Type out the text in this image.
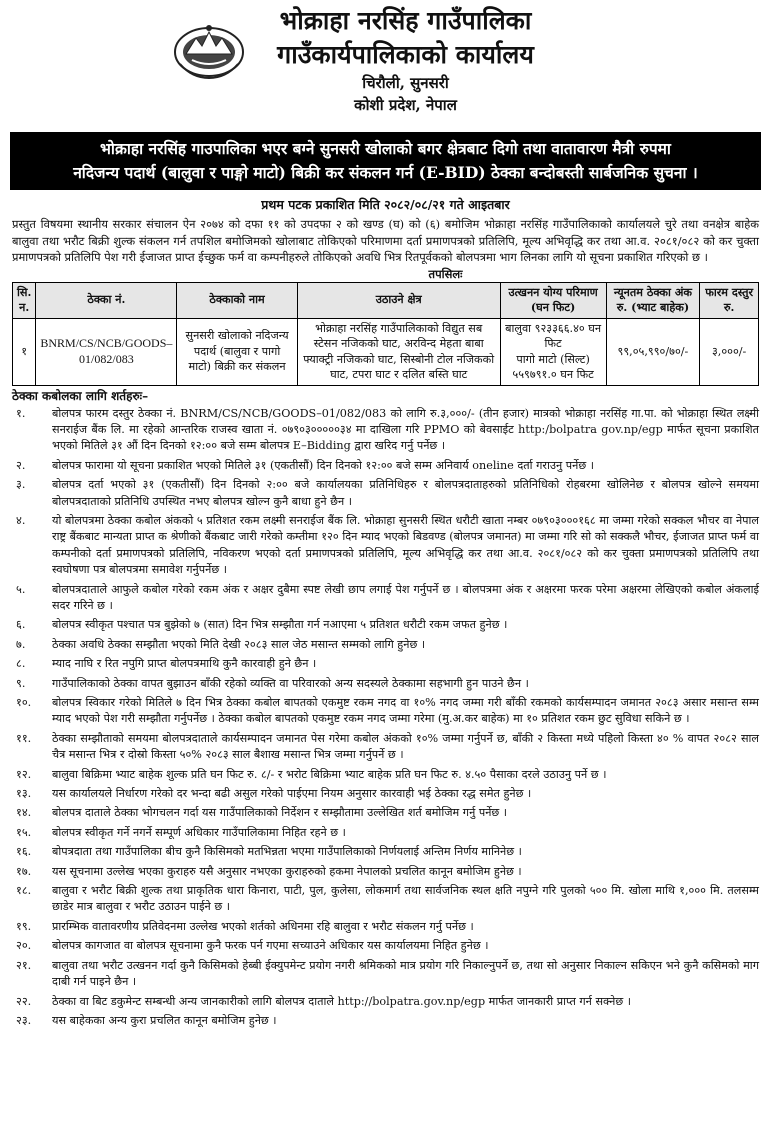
भोक्राहा नरसिंह गाउँपालिका
गाउँकार्यपालिकाको कार्यालय
चिरौली, सुनसरी
कोशी प्रदेश, नेपाल
भोक्राहा नरसिंह गाउपालिका भएर बग्ने सुनसरी खोलाको बगर क्षेत्रबाट दिगो तथा वातावारण मैत्री रुपमा
नदिजन्य पदार्थ (बालुवा र पाङ्गो माटो) बिक्री कर संकलन गर्न (E-BID) ठेक्का बन्दोबस्ती सार्बजनिक सुचना ।
प्रथम पटक प्रकाशित मिति २०८२/०८/२१ गते आइतबार
प्रस्तुत विषयमा स्थानीय सरकार संचालन ऐन २०७४ को दफा ११ को उपदफा २ को खण्ड (घ) को (६) बमोजिम भोक्राहा नरसिंह गाउँपालिकाको कार्यालयले चुरे तथा वनक्षेत्र बाहेक बालुवा तथा भरौट बिक्री शुल्क संकलन गर्न तपशिल बमोजिमको खोलाबाट तोकिएको परिमाणमा दर्ता प्रमाणपत्रको प्रतिलिपि, मूल्य अभिवृद्धि कर तथा आ.व. २०८१/०८२ को कर चुक्ता प्रमाणपत्रको प्रतिलिपि पेश गरी ईजाजत प्राप्त ईच्छुक फर्म वा कम्पनीहरुले तोकिएको अवधि भित्र रितपूर्वकको बोलपत्रमा भाग लिनका लागि यो सूचना प्रकाशित गरिएको छ ।
तपसिलः
सि. न.	ठेक्का नं.	ठेक्काको नाम	उठाउने क्षेत्र	उत्खनन योग्य परिमाण (घन फिट)	न्यूनतम ठेक्का अंक रु. (भ्याट बाहेक)	फारम दस्तुर रु.
१	BNRM/CS/NCB/GOODS–01/082/083	सुनसरी खोलाको नदिजन्य पदार्थ (बालुवा र पागो माटो) बिक्री कर संकलन	भोक्राहा नरसिंह गाउँपालिकाको विद्युत सब स्टेसन नजिकको घाट, अरविन्द मेहता बाबा फ्याक्ट्री नजिकको घाट, सिस्बोनी टोल नजिकको घाट, टपरा घाट र दलित बस्ति घाट	बालुवा ९२३३६६.४० घन फिट
पागो माटो (सिल्ट) ५५९७९१.० घन फिट	९९,०५,९९०/७०/-	३,०००/-
ठेक्का कबोलका लागि शर्तहरुः–
१.	बोलपत्र फारम दस्तुर ठेक्का नं. BNRM/CS/NCB/GOODS–01/082/083 को लागि रु.३,०००/- (तीन हजार) मात्रको भोक्राहा नरसिंह गा.पा. को भोक्राहा स्थित लक्ष्मी सनराईज बैंक लि. मा रहेको आन्तरिक राजस्व खाता नं. ०७९०३०००००३४ मा दाखिला गरि PPMO को बेवसाईट http:/bolpatra gov.np/egp मार्फत सूचना प्रकाशित भएको मितिले ३१ औं दिन दिनको १२:०० बजे सम्म बोलपत्र E–Bidding द्वारा खरिद गर्नु पर्नेछ ।
२.	बोलपत्र फारामा यो सूचना प्रकाशित भएको मितिले ३१ (एकतीसौं) दिन दिनको १२:०० बजे सम्म अनिवार्य oneline दर्ता गराउनु पर्नेछ ।
३.	बोलपत्र दर्ता भएको ३१ (एकतीसौं) दिन दिनको २:०० बजे कार्यालयका प्रतिनिधिहरु र बोलपत्रदाताहरुको प्रतिनिधिको रोहबरमा खोलिनेछ र बोलपत्र खोल्ने समयमा बोलपत्रदाताको प्रतिनिधि उपस्थित नभए बोलपत्र खोल्न कुनै बाधा हुने छैन ।
४.	यो बोलपत्रमा ठेक्का कबोल अंकको ५ प्रतिशत रकम लक्ष्मी सनराईज बैंक लि. भोक्राहा सुनसरी स्थित धरौटी खाता नम्बर ०७९०३०००१६८ मा जम्मा गरेको सक्कल भौचर वा नेपाल राष्ट्र बैंकबाट मान्यता प्राप्त क श्रेणीको बैंकबाट जारी गरेको कम्तीमा १२० दिन म्याद भएको बिडवण्ड (बोलपत्र जमानत) मा जम्मा गरि सो को सक्कलै भौचर, ईजाजत प्राप्त फर्म वा कम्पनीको दर्ता प्रमाणपत्रको प्रतिलिपि, नविकरण भएको दर्ता प्रमाणपत्रको प्रतिलिपि, मूल्य अभिवृद्धि कर तथा आ.व. २०८१/०८२ को कर चुक्ता प्रमाणपत्रको प्रतिलिपि तथा स्वघोषणा पत्र बोलपत्रमा समावेश गर्नुपर्नेछ ।
५.	बोलपत्रदाताले आफुले कबोल गरेको रकम अंक र अक्षर दुबैमा स्पष्ट लेखी छाप लगाई पेश गर्नुपर्ने छ । बोलपत्रमा अंक र अक्षरमा फरक परेमा अक्षरमा लेखिएको कबोल अंकलाई सदर गरिने छ ।
६.	बोलपत्र स्वीकृत पश्चात पत्र बुझेको ७ (सात) दिन भित्र सम्झौता गर्न नआएमा ५ प्रतिशत धरौटी रकम जफत हुनेछ ।
७.	ठेक्का अवधि ठेक्का सम्झौता भएको मिति देखी २०८३ साल जेठ मसान्त सम्मको लागि हुनेछ ।
८.	म्याद नाघि र रित नपुगि प्राप्त बोलपत्रमाथि कुनै कारवाही हुने छैन ।
९.	गाउँपालिकाको ठेक्का वापत बुझाउन बाँकी रहेको व्यक्ति वा परिवारको अन्य सदस्यले ठेक्कामा सहभागी हुन पाउने छैन ।
१०.	बोलपत्र स्विकार गरेको मितिले ७ दिन भित्र ठेक्का कबोल बापतको एकमुष्ट रकम नगद वा १०% नगद जम्मा गरी बाँकी रकमको कार्यसम्पादन जमानत २०८३ असार मसान्त सम्म म्याद भएको पेश गरी सम्झौता गर्नुपर्नेछ । ठेक्का कबोल बापतको एकमुष्ट रकम नगद जम्मा गरेमा (मु.अ.कर बाहेक) मा १० प्रतिशत रकम छुट सुविधा सकिने छ ।
११.	ठेक्का सम्झौताको समयमा बोलपत्रदाताले कार्यसम्पादन जमानत पेस गरेमा कबोल अंकको १०% जम्मा गर्नुपर्ने छ, बाँकी २ किस्ता मध्ये पहिलो किस्ता ४० % वापत २०८२ साल चैत्र मसान्त भित्र र दोस्रो किस्ता ५०% २०८३ साल बैशाख मसान्त भित्र जम्मा गर्नुपर्ने छ ।
१२.	बालुवा बिक्रिमा भ्याट बाहेक शुल्क प्रति घन फिट रु. ८/- र भरोट बिक्रिमा भ्याट बाहेक प्रति घन फिट रु. ४.५० पैसाका दरले उठाउनु पर्ने छ ।
१३.	यस कार्यालयले निर्धारण गरेको दर भन्दा बढी असुल गरेको पाईएमा नियम अनुसार कारवाही भई ठेक्का रद्ध समेत हुनेछ ।
१४.	बोलपत्र दाताले ठेक्का भोगचलन गर्दा यस गाउँपालिकाको निर्देशन र सम्झौतामा उल्लेखित शर्त बमोजिम गर्नु पर्नेछ ।
१५.	बोलपत्र स्वीकृत गर्ने नगर्ने सम्पूर्ण अधिकार गाउँपालिकामा निहित रहने छ ।
१६.	बोपत्रदाता तथा गाउँपालिका बीच कुनै किसिमको मतभिन्नता भएमा गाउँपालिकाको निर्णयलाई अन्तिम निर्णय मानिनेछ ।
१७.	यस सूचनामा उल्लेख भएका कुराहरु यसै अनुसार नभएका कुराहरुको हकमा नेपालको प्रचलित कानून बमोजिम हुनेछ ।
१८.	बालुवा र भरौट बिक्री शुल्क तथा प्राकृतिक धारा किनारा, पाटी, पुल, कुलेसा, लोकमार्ग तथा सार्वजनिक स्थल क्षति नपुग्ने गरि पुलको ५०० मि. खोला माथि १,००० मि. तलसम्म छाडेर मात्र बालुवा र भरौट उठाउन पाईने छ ।
१९.	प्रारम्भिक वातावरणीय प्रतिवेदनमा उल्लेख भएको शर्तको अधिनमा रहि बालुवा र भरौट संकलन गर्नु पर्नेछ ।
२०.	बोलपत्र कागजात वा बोलपत्र सूचनामा कुनै फरक पर्न गएमा सच्याउने अधिकार यस कार्यालयमा निहित हुनेछ ।
२१.	बालुवा तथा भरौट उत्खनन गर्दा कुनै किसिमको हेब्बी ईक्युपमेन्ट प्रयोग नगरी श्रमिकको मात्र प्रयोग गरि निकाल्नुपर्ने छ, तथा सो अनुसार निकाल्न सकिएन भने कुनै कसिमको माग दाबी गर्न पाइने छैन ।
२२.	ठेक्का वा बिट डकुमेन्ट सम्बन्धी अन्य जानकारीको लागि बोलपत्र दाताले http://bolpatra.gov.np/egp मार्फत जानकारी प्राप्त गर्न सक्नेछ ।
२३.	यस बाहेकका अन्य कुरा प्रचलित कानून बमोजिम हुनेछ ।
